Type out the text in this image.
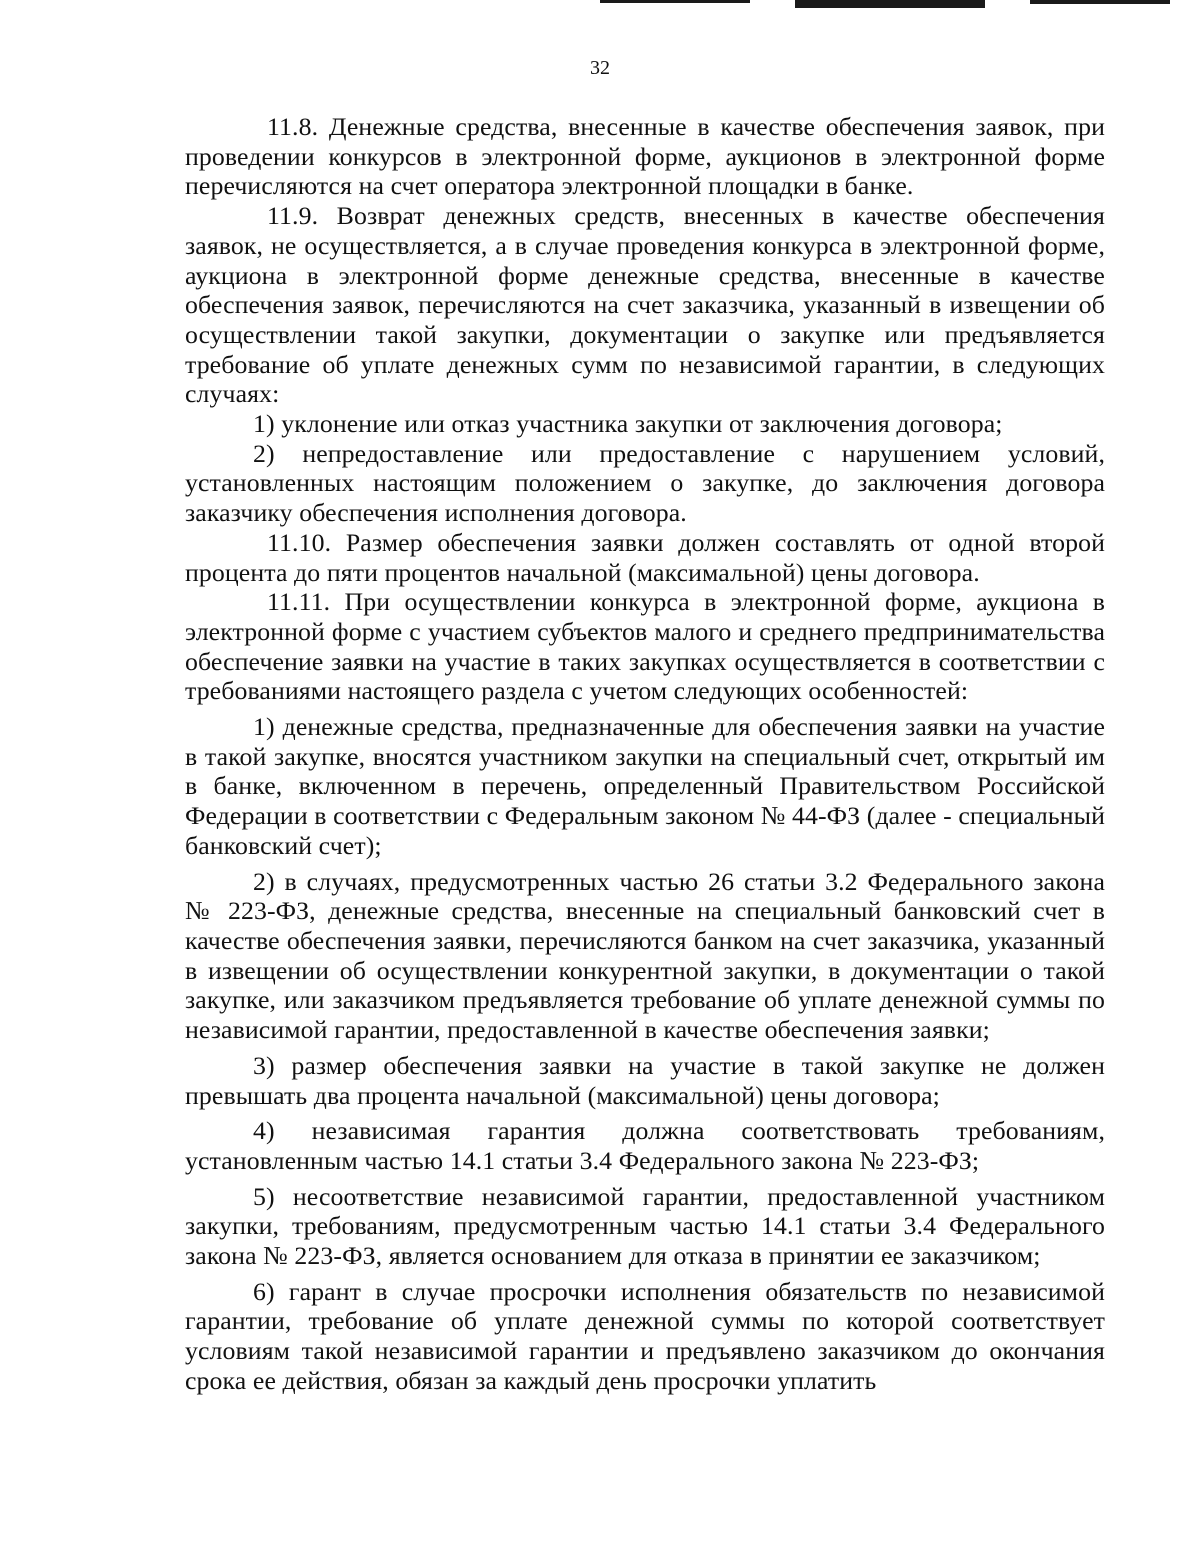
32

11.8. Денежные средства, внесенные в качестве обеспечения заявок, при проведении конкурсов в электронной форме, аукционов в электронной форме перечисляются на счет оператора электронной площадки в банке.

11.9. Возврат денежных средств, внесенных в качестве обеспечения заявок, не осуществляется, а в случае проведения конкурса в электронной форме, аукциона в электронной форме денежные средства, внесенные в качестве обеспечения заявок, перечисляются на счет заказчика, указанный в извещении об осуществлении такой закупки, документации о закупке или предъявляется требование об уплате денежных сумм по независимой гарантии, в следующих случаях:

1) уклонение или отказ участника закупки от заключения договора;

2) непредоставление или предоставление с нарушением условий, установленных настоящим положением о закупке, до заключения договора заказчику обеспечения исполнения договора.

11.10. Размер обеспечения заявки должен составлять от одной второй процента до пяти процентов начальной (максимальной) цены договора.

11.11. При осуществлении конкурса в электронной форме, аукциона в электронной форме с участием субъектов малого и среднего предпринимательства обеспечение заявки на участие в таких закупках осуществляется в соответствии с требованиями настоящего раздела с учетом следующих особенностей:

1) денежные средства, предназначенные для обеспечения заявки на участие в такой закупке, вносятся участником закупки на специальный счет, открытый им в банке, включенном в перечень, определенный Правительством Российской Федерации в соответствии с Федеральным законом № 44-ФЗ (далее - специальный банковский счет);

2) в случаях, предусмотренных частью 26 статьи 3.2 Федерального закона № 223-ФЗ, денежные средства, внесенные на специальный банковский счет в качестве обеспечения заявки, перечисляются банком на счет заказчика, указанный в извещении об осуществлении конкурентной закупки, в документации о такой закупке, или заказчиком предъявляется требование об уплате денежной суммы по независимой гарантии, предоставленной в качестве обеспечения заявки;

3) размер обеспечения заявки на участие в такой закупке не должен превышать два процента начальной (максимальной) цены договора;

4) независимая гарантия должна соответствовать требованиям, установленным частью 14.1 статьи 3.4 Федерального закона № 223-ФЗ;

5) несоответствие независимой гарантии, предоставленной участником закупки, требованиям, предусмотренным частью 14.1 статьи 3.4 Федерального закона № 223-ФЗ, является основанием для отказа в принятии ее заказчиком;

6) гарант в случае просрочки исполнения обязательств по независимой гарантии, требование об уплате денежной суммы по которой соответствует условиям такой независимой гарантии и предъявлено заказчиком до окончания срока ее действия, обязан за каждый день просрочки уплатить
